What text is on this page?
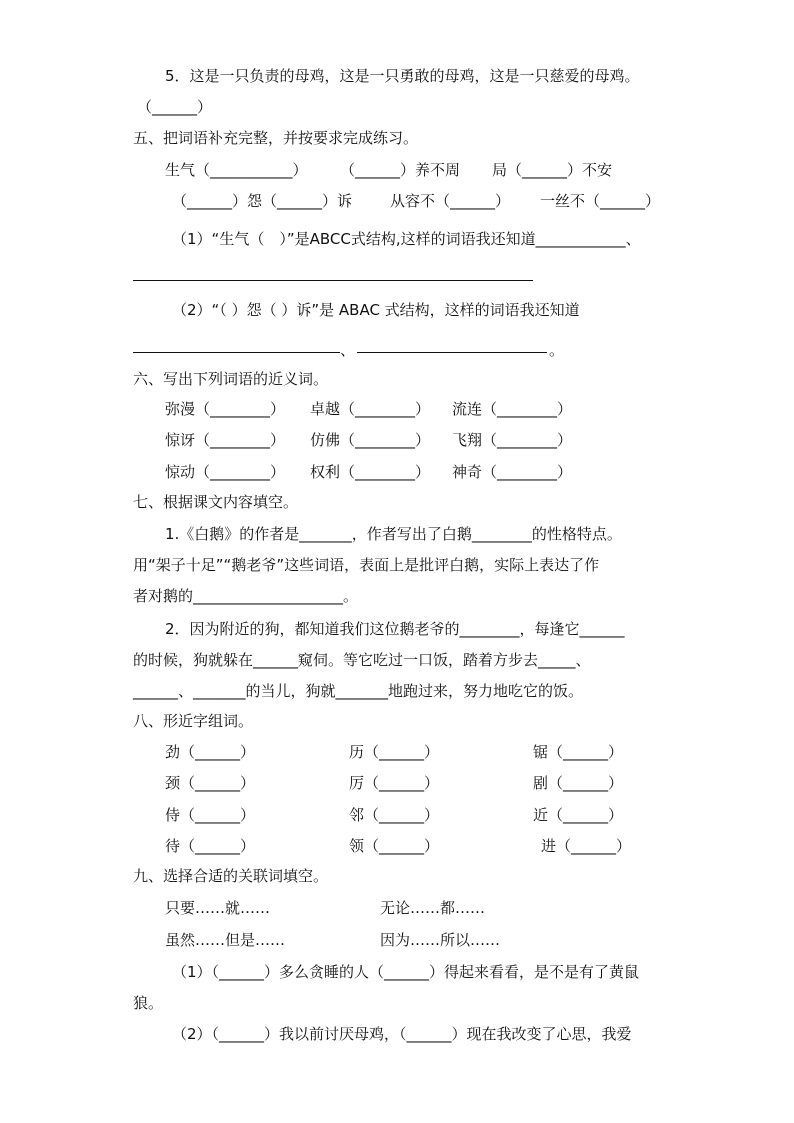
5．这是一只负责的母鸡，这是一只勇敢的母鸡，这是一只慈爱的母鸡。
（______）
五、把词语补充完整，并按要求完成练习。
生气（___________） （______）养不周 局（______）不安
（______）怨（______）诉	从容不（______） 一丝不（______）
（1）“生气（　）”是ABCC式结构,这样的词语我还知道____________、
（2）“（ ）怨（ ）诉”是 ABAC 式结构，这样的词语我还知道
、	。
六、写出下列词语的近义词。
弥漫（________） 卓越（________） 流连（________）
惊讶（________） 仿佛（________） 飞翔（________）
惊动（________） 权利（________） 神奇（________）
七、根据课文内容填空。
1.《白鹅》的作者是_______，作者写出了白鹅________的性格特点。
用“架子十足”“鹅老爷”这些词语，表面上是批评白鹅，实际上表达了作
者对鹅的____________________。
2．因为附近的狗，都知道我们这位鹅老爷的________，每逢它______
的时候，狗就躲在______窥伺。等它吃过一口饭，踏着方步去_____、
______、_______的当儿，狗就_______地跑过来，努力地吃它的饭。
八、形近字组词。
劲（______）	历（______）	锯（______）
颈（______）	厉（______）	剧（______）
侍（______）	邻（______）	近（______）
待（______）	领（______）	进（______）
九、选择合适的关联词填空。
只要……就……	无论……都……
虽然……但是……	因为……所以……
（1）（______）多么贪睡的人（______）得起来看看，是不是有了黄鼠
狼。
（2）（______）我以前讨厌母鸡，（______）现在我改变了心思，我爱
